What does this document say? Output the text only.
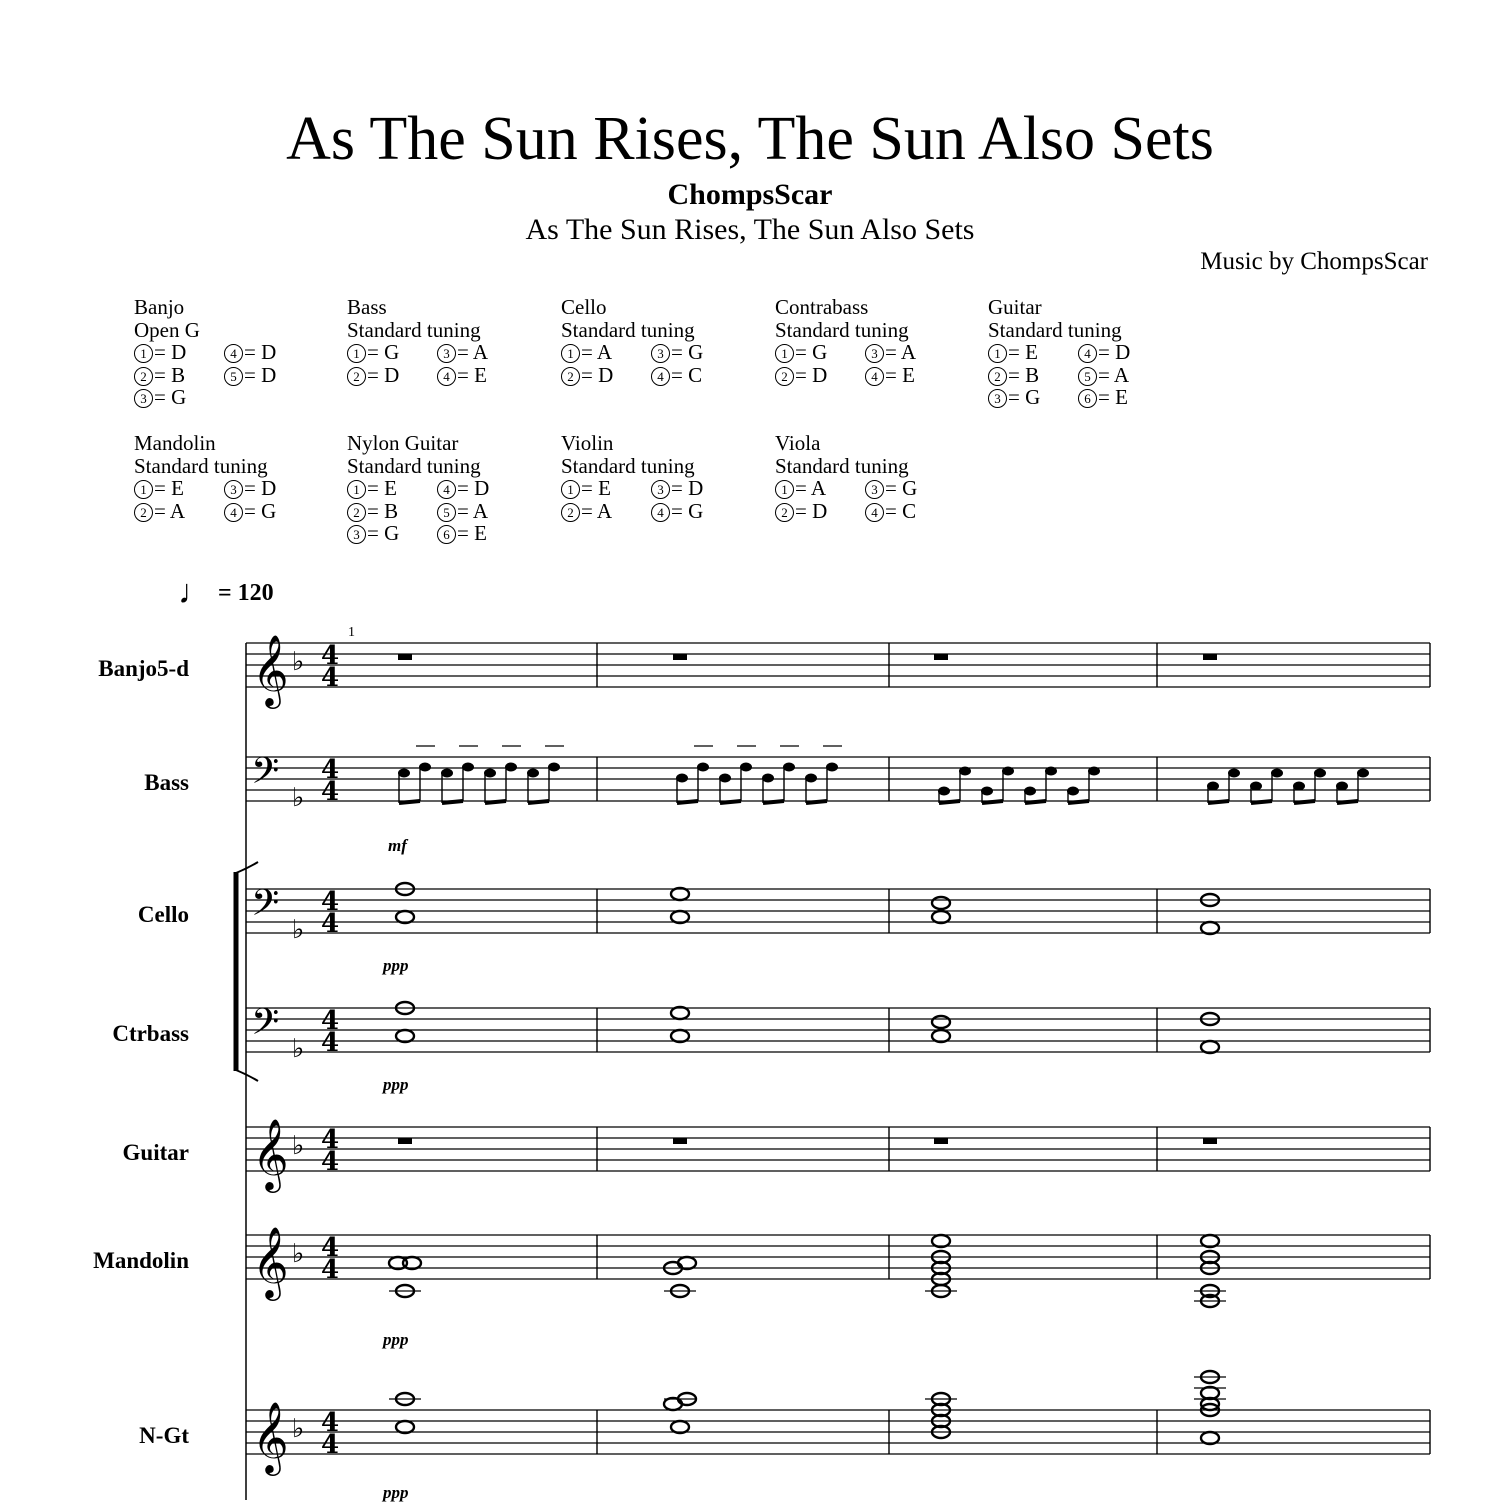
As The Sun Rises, The Sun Also Sets
ChompsScar
As The Sun Rises, The Sun Also Sets
Music by ChompsScar
Banjo
Open G
1 = D	4 = D
2 = B	5 = D
3 = G
Bass
Standard tuning
1 = G	3 = A
2 = D	4 = E
Cello
Standard tuning
1 = A	3 = G
2 = D	4 = C
Contrabass
Standard tuning
1 = G	3 = A
2 = D	4 = E
Guitar
Standard tuning
1 = E	4 = D
2 = B	5 = A
3 = G	6 = E
Mandolin
Standard tuning
1 = E	3 = D
2 = A	4 = G
Nylon Guitar
Standard tuning
1 = E	4 = D
2 = B	5 = A
3 = G	6 = E
Violin
Standard tuning
1 = E	3 = D
2 = A	4 = G
Viola
Standard tuning
1 = A	3 = G
2 = D	4 = C
♩ = 120
1
Banjo5-d
Bass
mf
Cello
ppp
Ctrbass
ppp
Guitar
Mandolin
ppp
N-Gt
ppp
𝄞 ♭ 4
4
𝄢 ♭
4
4
𝄢 ♭
4
4
𝄢 ♭
4
4
𝄞 ♭ 4
4
𝄞 ♭ 4
4
𝄞 ♭ 4
4
